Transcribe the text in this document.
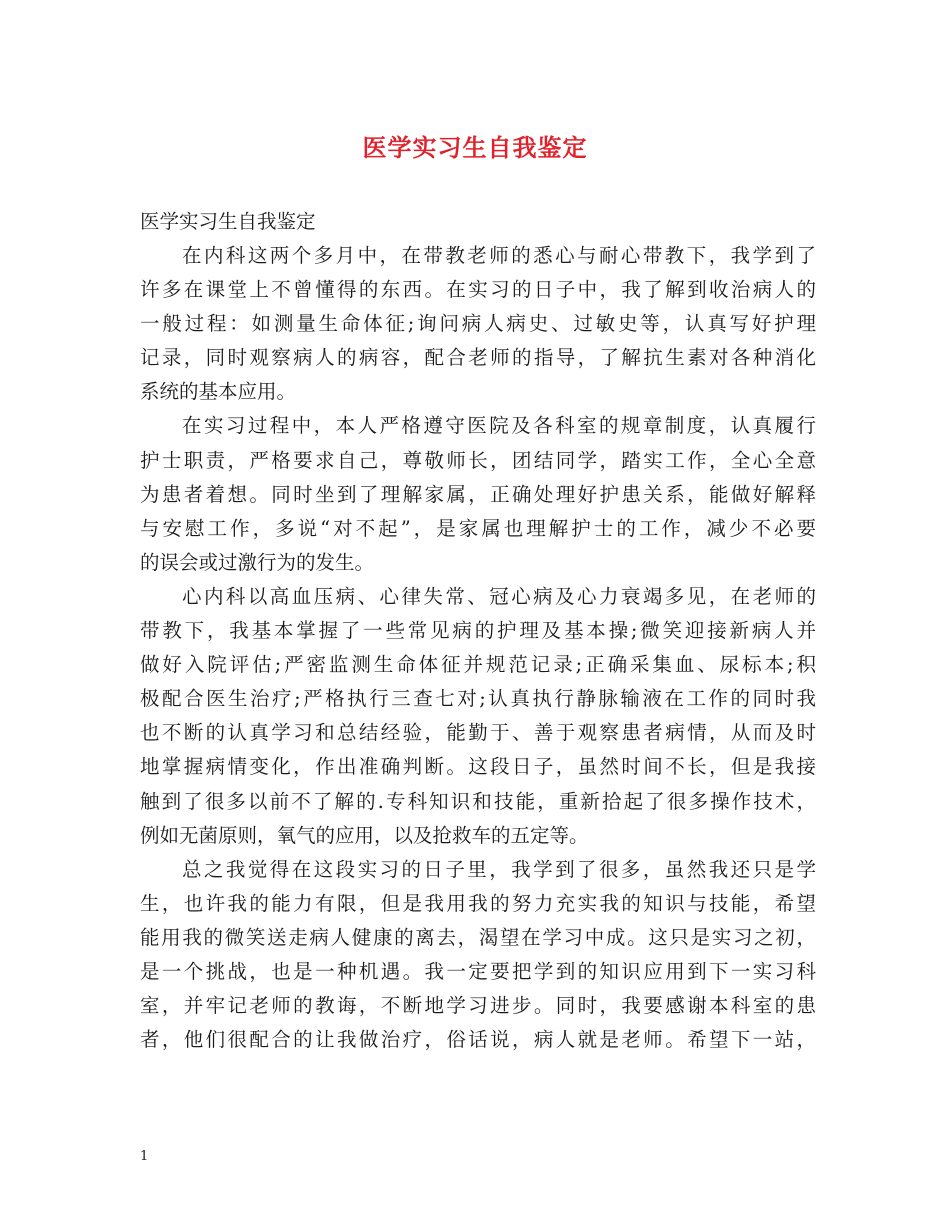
医学实习生自我鉴定

医学实习生自我鉴定

在内科这两个多月中，在带教老师的悉心与耐心带教下，我学到了
许多在课堂上不曾懂得的东西。在实习的日子中，我了解到收治病人的
一般过程：如测量生命体征;询问病人病史、过敏史等，认真写好护理
记录，同时观察病人的病容，配合老师的指导，了解抗生素对各种消化
系统的基本应用。
在实习过程中，本人严格遵守医院及各科室的规章制度，认真履行
护士职责，严格要求自己，尊敬师长，团结同学，踏实工作，全心全意
为患者着想。同时坐到了理解家属，正确处理好护患关系，能做好解释
与安慰工作，多说“对不起”，是家属也理解护士的工作，减少不必要
的误会或过激行为的发生。
心内科以高血压病、心律失常、冠心病及心力衰竭多见，在老师的
带教下，我基本掌握了一些常见病的护理及基本操;微笑迎接新病人并
做好入院评估;严密监测生命体征并规范记录;正确采集血、尿标本;积
极配合医生治疗;严格执行三查七对;认真执行静脉输液在工作的同时我
也不断的认真学习和总结经验，能勤于、善于观察患者病情，从而及时
地掌握病情变化，作出准确判断。这段日子，虽然时间不长，但是我接
触到了很多以前不了解的.专科知识和技能，重新拾起了很多操作技术，
例如无菌原则，氧气的应用，以及抢救车的五定等。
总之我觉得在这段实习的日子里，我学到了很多，虽然我还只是学
生，也许我的能力有限，但是我用我的努力充实我的知识与技能，希望
能用我的微笑送走病人健康的离去，渴望在学习中成。这只是实习之初，
是一个挑战，也是一种机遇。我一定要把学到的知识应用到下一实习科
室，并牢记老师的教诲，不断地学习进步。同时，我要感谢本科室的患
者，他们很配合的让我做治疗，俗话说，病人就是老师。希望下一站，
1
